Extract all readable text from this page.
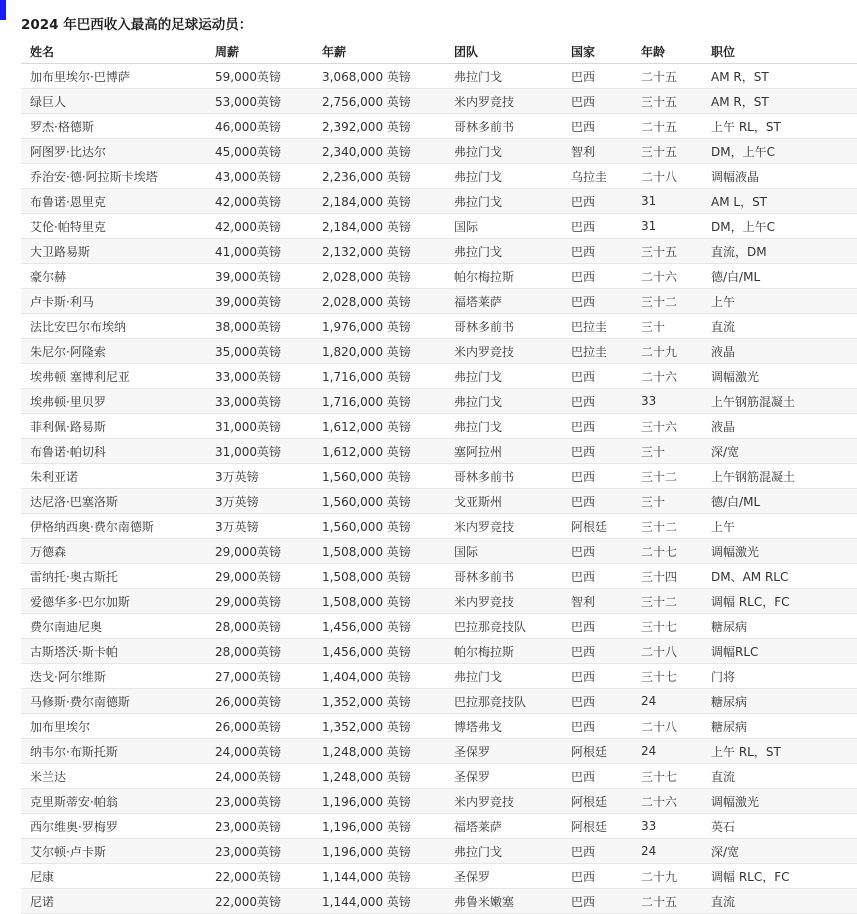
2024 年巴西收入最高的足球运动员：
姓名	周薪	年薪	团队	国家	年龄	职位
加布里埃尔·巴博萨	59,000英镑	3,068,000 英镑	弗拉门戈	巴西	二十五	AM R，ST
绿巨人	53,000英镑	2,756,000 英镑	米内罗竞技	巴西	三十五	AM R，ST
罗杰·格德斯	46,000英镑	2,392,000 英镑	哥林多前书	巴西	二十五	上午 RL，ST
阿图罗·比达尔	45,000英镑	2,340,000 英镑	弗拉门戈	智利	三十五	DM，上午C
乔治安·德·阿拉斯卡埃塔	43,000英镑	2,236,000 英镑	弗拉门戈	乌拉圭	二十八	调幅液晶
布鲁诺·恩里克	42,000英镑	2,184,000 英镑	弗拉门戈	巴西	31	AM L，ST
艾伦·帕特里克	42,000英镑	2,184,000 英镑	国际	巴西	31	DM，上午C
大卫路易斯	41,000英镑	2,132,000 英镑	弗拉门戈	巴西	三十五	直流，DM
豪尔赫	39,000英镑	2,028,000 英镑	帕尔梅拉斯	巴西	二十六	德/白/ML
卢卡斯·利马	39,000英镑	2,028,000 英镑	福塔莱萨	巴西	三十二	上午
法比安巴尔布埃纳	38,000英镑	1,976,000 英镑	哥林多前书	巴拉圭	三十	直流
朱尼尔·阿隆索	35,000英镑	1,820,000 英镑	米内罗竞技	巴拉圭	二十九	液晶
埃弗顿 塞博利尼亚	33,000英镑	1,716,000 英镑	弗拉门戈	巴西	二十六	调幅激光
埃弗顿·里贝罗	33,000英镑	1,716,000 英镑	弗拉门戈	巴西	33	上午钢筋混凝土
菲利佩·路易斯	31,000英镑	1,612,000 英镑	弗拉门戈	巴西	三十六	液晶
布鲁诺·帕切科	31,000英镑	1,612,000 英镑	塞阿拉州	巴西	三十	深/宽
朱利亚诺	3万英镑	1,560,000 英镑	哥林多前书	巴西	三十二	上午钢筋混凝土
达尼洛·巴塞洛斯	3万英镑	1,560,000 英镑	戈亚斯州	巴西	三十	德/白/ML
伊格纳西奥·费尔南德斯	3万英镑	1,560,000 英镑	米内罗竞技	阿根廷	三十二	上午
万德森	29,000英镑	1,508,000 英镑	国际	巴西	二十七	调幅激光
雷纳托·奥古斯托	29,000英镑	1,508,000 英镑	哥林多前书	巴西	三十四	DM、AM RLC
爱德华多·巴尔加斯	29,000英镑	1,508,000 英镑	米内罗竞技	智利	三十二	调幅 RLC，FC
费尔南迪尼奥	28,000英镑	1,456,000 英镑	巴拉那竞技队	巴西	三十七	糖尿病
古斯塔沃·斯卡帕	28,000英镑	1,456,000 英镑	帕尔梅拉斯	巴西	二十八	调幅RLC
迭戈·阿尔维斯	27,000英镑	1,404,000 英镑	弗拉门戈	巴西	三十七	门将
马修斯·费尔南德斯	26,000英镑	1,352,000 英镑	巴拉那竞技队	巴西	24	糖尿病
加布里埃尔	26,000英镑	1,352,000 英镑	博塔弗戈	巴西	二十八	糖尿病
纳韦尔·布斯托斯	24,000英镑	1,248,000 英镑	圣保罗	阿根廷	24	上午 RL，ST
米兰达	24,000英镑	1,248,000 英镑	圣保罗	巴西	三十七	直流
克里斯蒂安·帕翁	23,000英镑	1,196,000 英镑	米内罗竞技	阿根廷	二十六	调幅激光
西尔维奥·罗梅罗	23,000英镑	1,196,000 英镑	福塔莱萨	阿根廷	33	英石
艾尔顿·卢卡斯	23,000英镑	1,196,000 英镑	弗拉门戈	巴西	24	深/宽
尼康	22,000英镑	1,144,000 英镑	圣保罗	巴西	二十九	调幅 RLC，FC
尼诺	22,000英镑	1,144,000 英镑	弗鲁米嫩塞	巴西	二十五	直流
